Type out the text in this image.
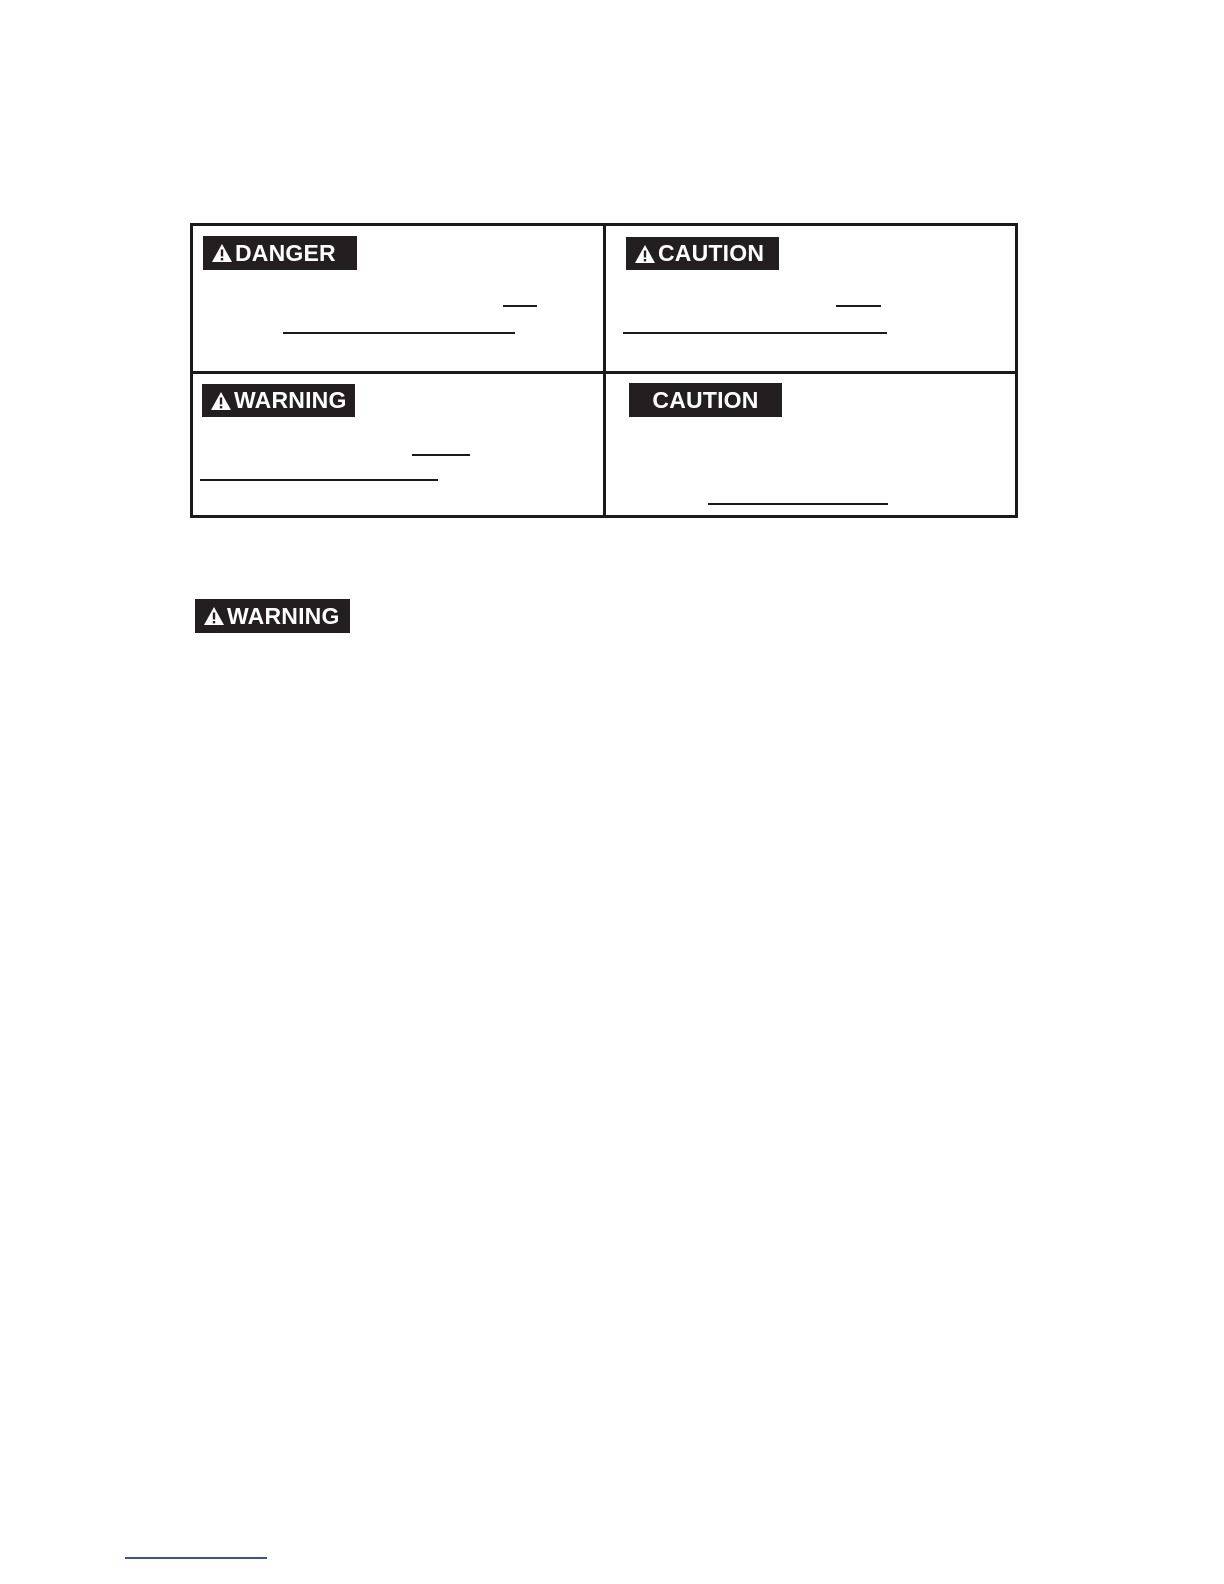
DANGER	CAUTION
WARNING	CAUTION
WARNING
